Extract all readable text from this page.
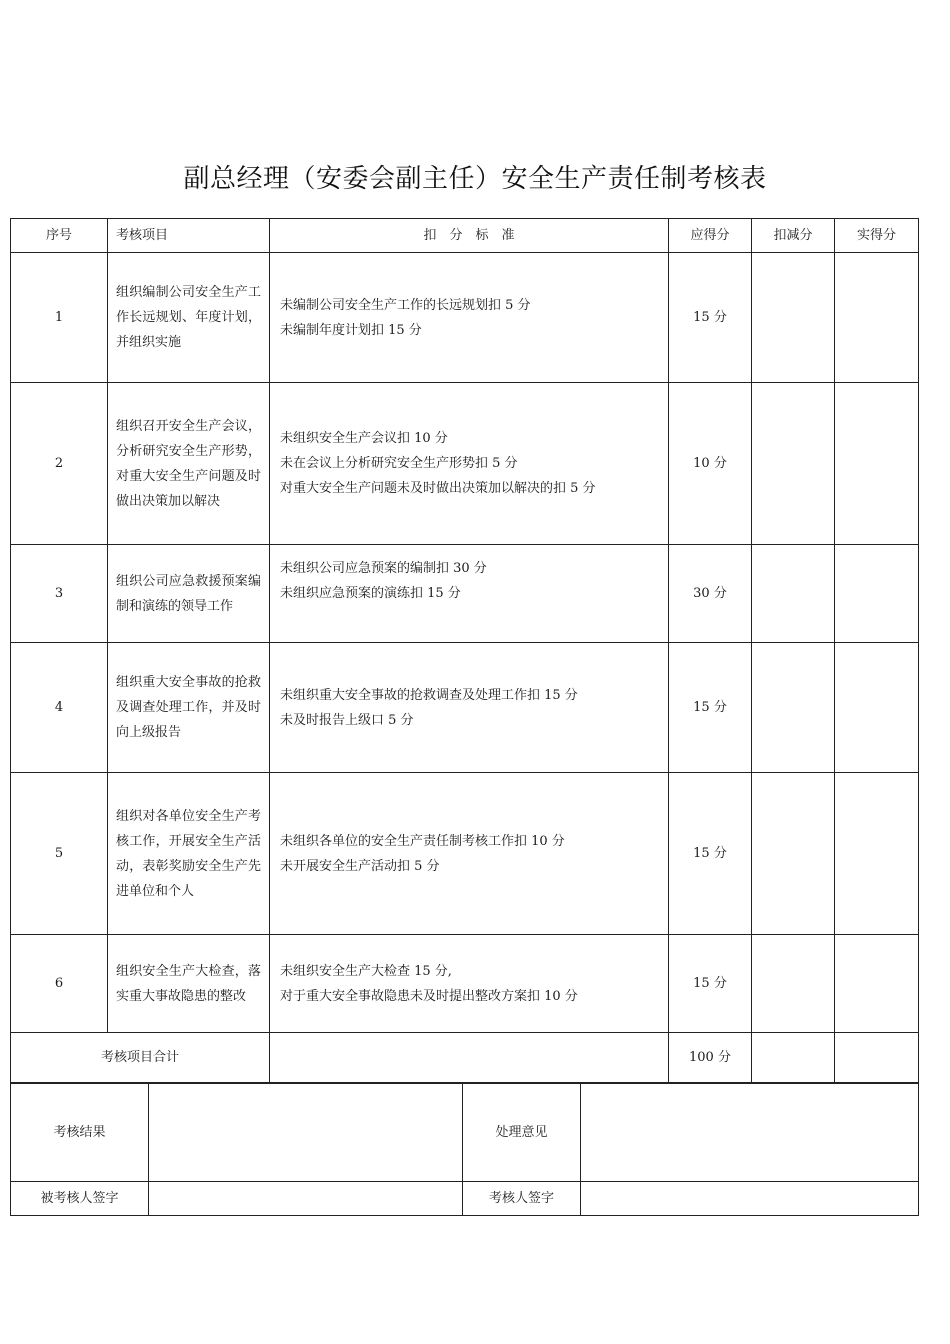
副总经理（安委会副主任）安全生产责任制考核表
序号	考核项目	扣　分　标　准	应得分	扣减分	实得分
1	组织编制公司安全生产工作长远规划、年度计划，并组织实施	未编制公司安全生产工作的长远规划扣 5 分
未编制年度计划扣 15 分	15 分		
2	组织召开安全生产会议，分析研究安全生产形势，对重大安全生产问题及时做出决策加以解决	未组织安全生产会议扣 10 分
未在会议上分析研究安全生产形势扣 5 分
对重大安全生产问题未及时做出决策加以解决的扣 5 分	10 分		
3	组织公司应急救援预案编制和演练的领导工作	未组织公司应急预案的编制扣 30 分
未组织应急预案的演练扣 15 分	30 分		
4	组织重大安全事故的抢救及调查处理工作，并及时向上级报告	未组织重大安全事故的抢救调查及处理工作扣 15 分
未及时报告上级口 5 分	15 分		
5	组织对各单位安全生产考核工作，开展安全生产活动，表彰奖励安全生产先进单位和个人	未组织各单位的安全生产责任制考核工作扣 10 分
未开展安全生产活动扣 5 分	15 分		
6	组织安全生产大检查，落实重大事故隐患的整改	未组织安全生产大检查 15 分,
对于重大安全事故隐患未及时提出整改方案扣 10 分	15 分		
考核项目合计			100 分		
考核结果		处理意见	
被考核人签字		考核人签字	
